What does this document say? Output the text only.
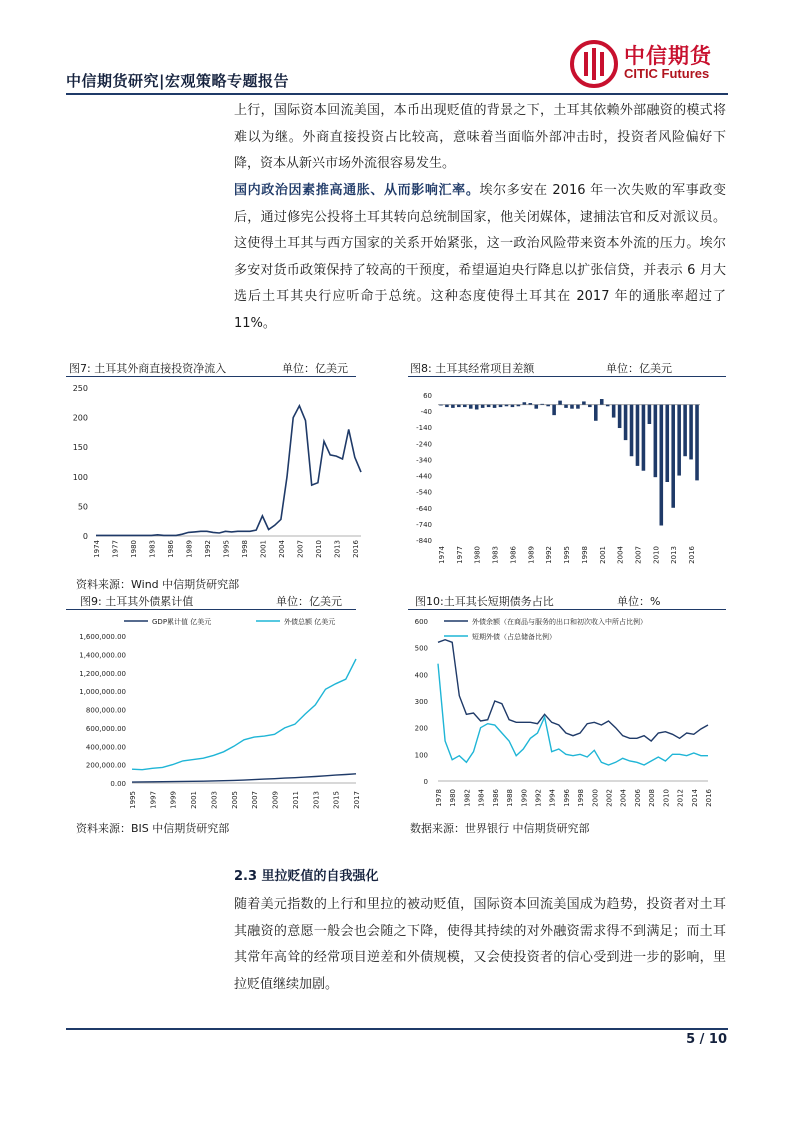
中信期货研究|宏观策略专题报告
中信期货
CITIC Futures

上行，国际资本回流美国，本币出现贬值的背景之下，土耳其依赖外部融资的模式将难以为继。外商直接投资占比较高，意味着当面临外部冲击时，投资者风险偏好下降，资本从新兴市场外流很容易发生。

国内政治因素推高通胀、从而影响汇率。埃尔多安在 2016 年一次失败的军事政变后，通过修宪公投将土耳其转向总统制国家，他关闭媒体，逮捕法官和反对派议员。这使得土耳其与西方国家的关系开始紧张，这一政治风险带来资本外流的压力。埃尔多安对货币政策保持了较高的干预度，希望逼迫央行降息以扩张信贷，并表示 6 月大选后土耳其央行应听命于总统。这种态度使得土耳其在 2017 年的通胀率超过了 11%。

图7: 土耳其外商直接投资净流入	单位：亿美元
0
50
100
150
200
250
1974 1977 1980 1983 1986 1989 1992 1995 1998 2001 2004 2007 2010 2013 2016
图8: 土耳其经常项目差额	单位：亿美元
60
-40
-140
-240
-340
-440
-540
-640
-740
-840
1974 1977 1980 1983 1986 1989 1992 1995 1998 2001 2004 2007 2010 2013 2016
资料来源：Wind 中信期货研究部
图9: 土耳其外债累计值	单位：亿美元
0.00
200,000.00
400,000.00
600,000.00
800,000.00
1,000,000.00
1,200,000.00
1,400,000.00
1,600,000.00
GDP累计值 亿美元	外债总额 亿美元
1995 1997 1999 2001 2003 2005 2007 2009 2011 2013 2015 2017
图10:土耳其长短期债务占比	单位：%
0
100
200
300
400
500
600	外债余额（在商品与服务的出口和初次收入中所占比例）
短期外债（占总储备比例）
1978 1980 1982 1984 1986 1988 1990 1992 1994 1996 1998 2000 2002 2004 2006 2008 2010 2012 2014 2016
资料来源：BIS 中信期货研究部	数据来源：世界银行 中信期货研究部
2.3 里拉贬值的自我强化

随着美元指数的上行和里拉的被动贬值，国际资本回流美国成为趋势，投资者对土耳其融资的意愿一般会也会随之下降，使得其持续的对外融资需求得不到满足；而土耳其常年高耸的经常项目逆差和外债规模，又会使投资者的信心受到进一步的影响，里拉贬值继续加剧。

5 / 10
